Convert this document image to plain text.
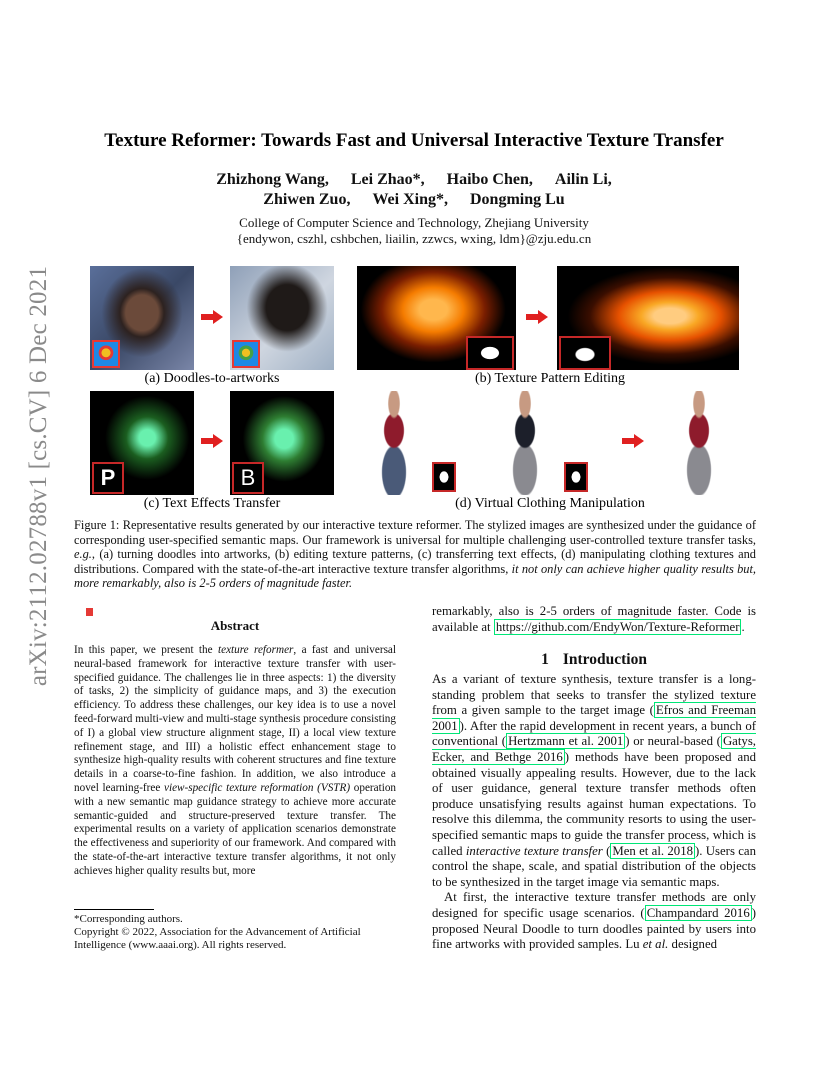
arXiv:2112.02788v1 [cs.CV] 6 Dec 2021
Texture Reformer: Towards Fast and Universal Interactive Texture Transfer
Zhizhong Wang, Lei Zhao*, Haibo Chen, Ailin Li,
Zhiwen Zuo, Wei Xing*, Dongming Lu
College of Computer Science and Technology, Zhejiang University
{endywon, cszhl, cshbchen, liailin, zzwcs, wxing, ldm}@zju.edu.cn
(a) Doodles-to-artworks	(b) Texture Pattern Editing
P	B
(c) Text Effects Transfer	(d) Virtual Clothing Manipulation
Figure 1: Representative results generated by our interactive texture reformer. The stylized images are synthesized under the guidance of corresponding user-specified semantic maps. Our framework is universal for multiple challenging user-controlled texture transfer tasks, e.g., (a) turning doodles into artworks, (b) editing texture patterns, (c) transferring text effects, (d) manipulating clothing textures and distributions. Compared with the state-of-the-art interactive texture transfer algorithms, it not only can achieve higher quality results but, more remarkably, also is 2-5 orders of magnitude faster.
Abstract
In this paper, we present the texture reformer, a fast and universal neural-based framework for interactive texture transfer with user-specified guidance. The challenges lie in three aspects: 1) the diversity of tasks, 2) the simplicity of guidance maps, and 3) the execution efficiency. To address these challenges, our key idea is to use a novel feed-forward multi-view and multi-stage synthesis procedure consisting of I) a global view structure alignment stage, II) a local view texture refinement stage, and III) a holistic effect enhancement stage to synthesize high-quality results with coherent structures and fine texture details in a coarse-to-fine fashion. In addition, we also introduce a novel learning-free view-specific texture reformation (VSTR) operation with a new semantic map guidance strategy to achieve more accurate semantic-guided and structure-preserved texture transfer. The experimental results on a variety of application scenarios demonstrate the effectiveness and superiority of our framework. And compared with the state-of-the-art interactive texture transfer algorithms, it not only achieves higher quality results but, more
*Corresponding authors.
Copyright © 2022, Association for the Advancement of Artificial Intelligence (www.aaai.org). All rights reserved.
remarkably, also is 2-5 orders of magnitude faster. Code is available at https://github.com/EndyWon/Texture-Reformer .
1 Introduction
As a variant of texture synthesis, texture transfer is a long-standing problem that seeks to transfer the stylized texture from a given sample to the target image ( Efros and Freeman 2001 ). After the rapid development in recent years, a bunch of conventional ( Hertzmann et al. 2001 ) or neural-based ( Gatys, Ecker, and Bethge 2016 ) methods have been proposed and obtained visually appealing results. However, due to the lack of user guidance, general texture transfer methods often produce unsatisfying results against human expectations. To resolve this dilemma, the community resorts to using the user-specified semantic maps to guide the transfer process, which is called interactive texture transfer ( Men et al. 2018 ). Users can control the shape, scale, and spatial distribution of the objects to be synthesized in the target image via semantic maps.
At first, the interactive texture transfer methods are only designed for specific usage scenarios. ( Champandard 2016 ) proposed Neural Doodle to turn doodles painted by users into fine artworks with provided samples. Lu et al. designed
